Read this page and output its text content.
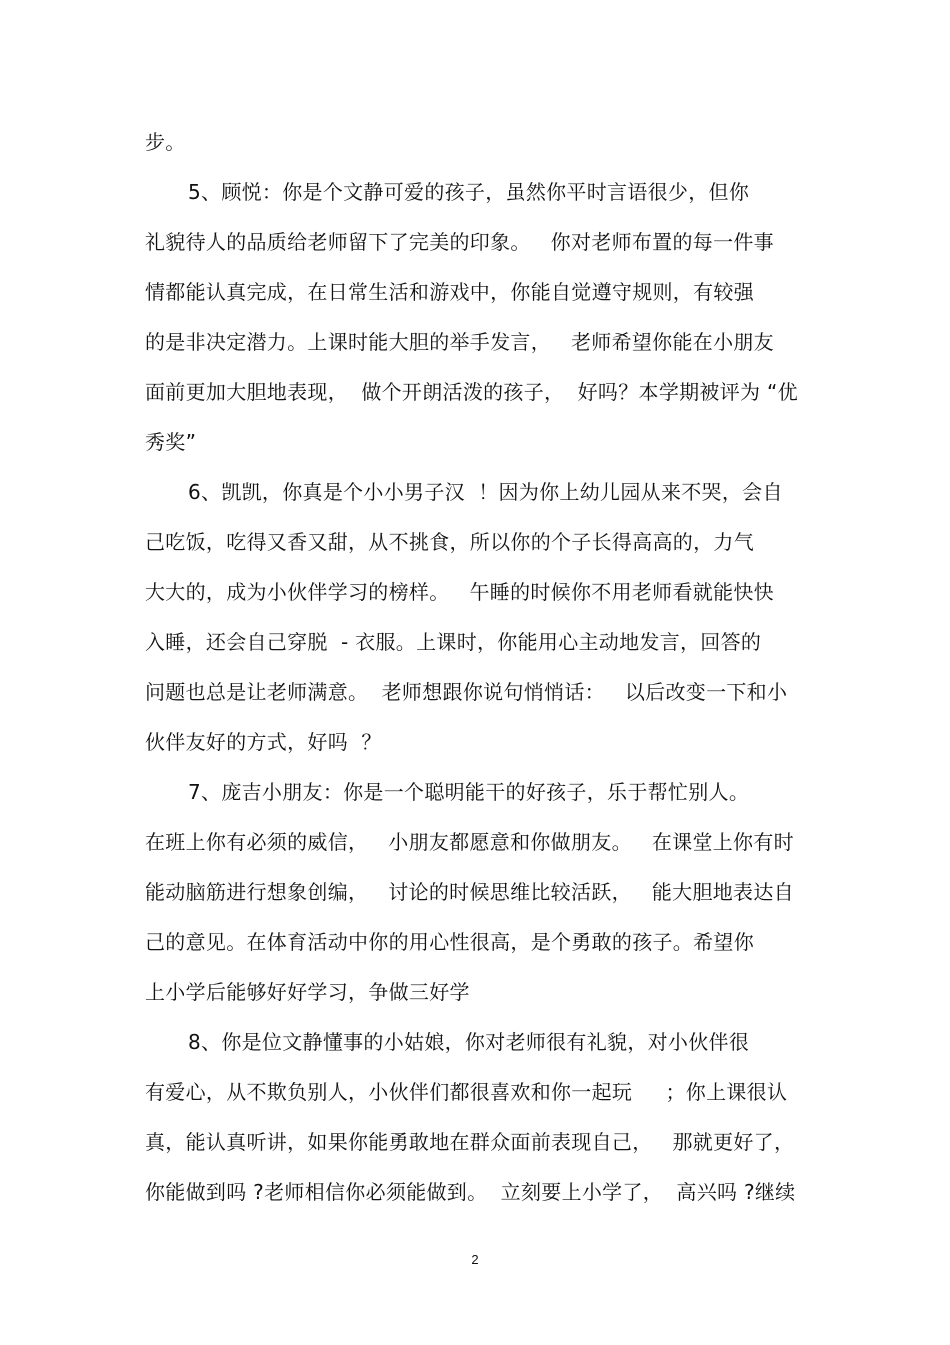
步。
5、顾悦：你是个文静可爱的孩子，虽然你平时言语很少，但你
礼貌待人的品质给老师留下了完美的印象。   你对老师布置的每一件事
情都能认真完成，在日常生活和游戏中，你能自觉遵守规则，有较强
的是非决定潜力。上课时能大胆的举手发言，   老师希望你能在小朋友
面前更加大胆地表现，  做个开朗活泼的孩子，  好吗？本学期被评为 “优
秀奖”
6、凯凯，你真是个小小男子汉  ！因为你上幼儿园从来不哭，会自
己吃饭，吃得又香又甜，从不挑食，所以你的个子长得高高的，力气
大大的，成为小伙伴学习的榜样。   午睡的时候你不用老师看就能快快
入睡，还会自己穿脱  - 衣服。上课时，你能用心主动地发言，回答的
问题也总是让老师满意。  老师想跟你说句悄悄话：   以后改变一下和小
伙伴友好的方式，好吗  ？
7、庞吉小朋友：你是一个聪明能干的好孩子，乐于帮忙别人。
在班上你有必须的威信，   小朋友都愿意和你做朋友。   在课堂上你有时
能动脑筋进行想象创编，   讨论的时候思维比较活跃，   能大胆地表达自
己的意见。在体育活动中你的用心性很高，是个勇敢的孩子。希望你
上小学后能够好好学习，争做三好学
8、你是位文静懂事的小姑娘，你对老师很有礼貌，对小伙伴很
有爱心，从不欺负别人，小伙伴们都很喜欢和你一起玩     ；你上课很认
真，能认真听讲，如果你能勇敢地在群众面前表现自己，   那就更好了，
你能做到吗 ?老师相信你必须能做到。  立刻要上小学了，  高兴吗 ?继续
2
